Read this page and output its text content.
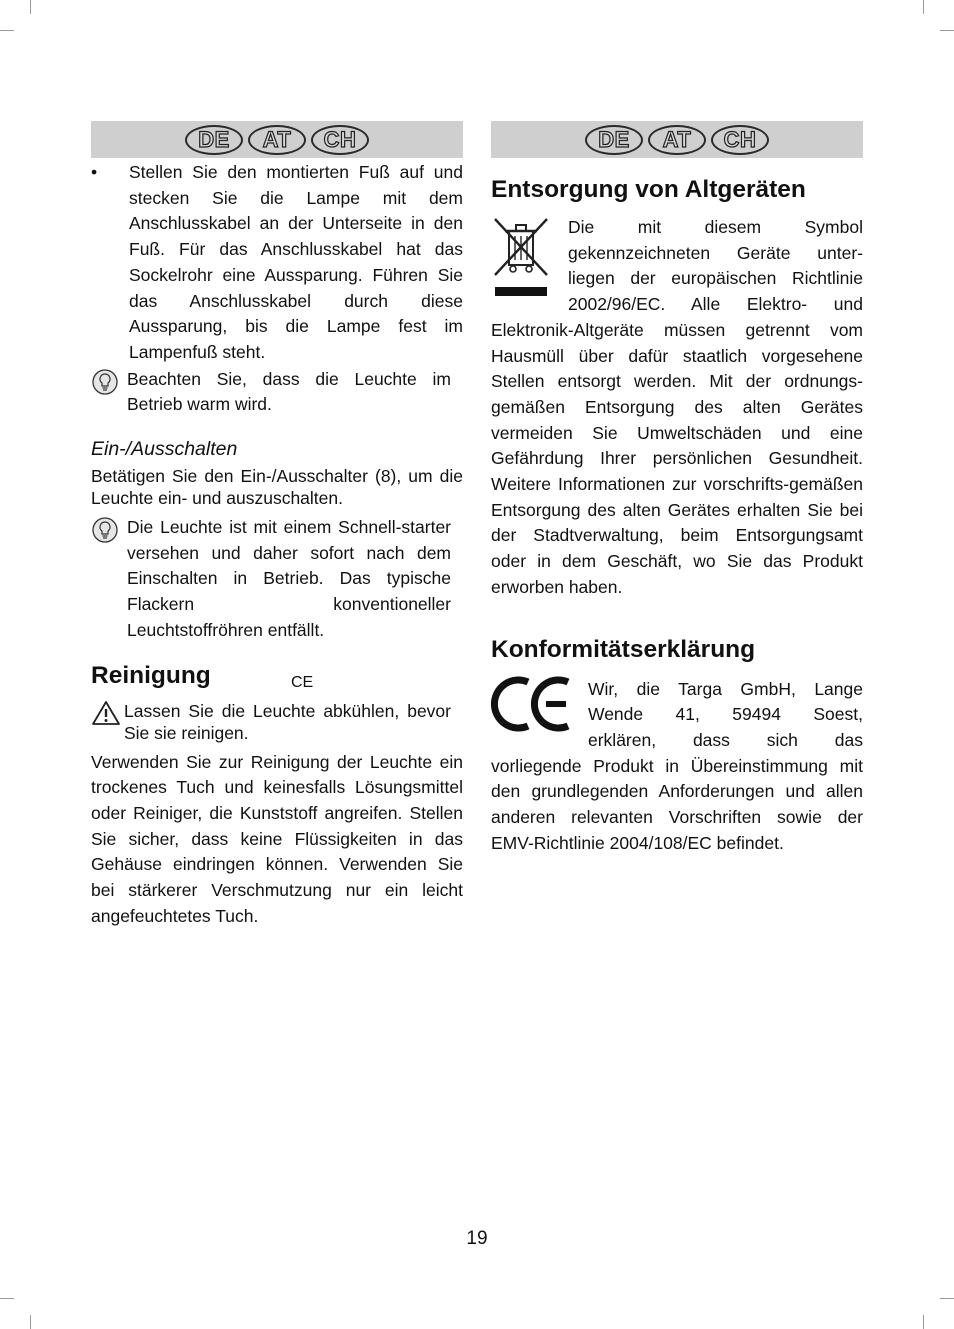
DE	AT	CH
• Stellen Sie den montierten Fuß auf und stecken Sie die Lampe mit dem Anschlusskabel an der Unterseite in den Fuß. Für das Anschlusskabel hat das Sockelrohr eine Aussparung. Führen Sie das Anschlusskabel durch diese Aussparung, bis die Lampe fest im Lampenfuß steht.

Beachten Sie, dass die Leuchte im Betrieb warm wird.

Ein-/Ausschalten

Betätigen Sie den Ein-/Ausschalter (8), um die Leuchte ein- und auszuschalten.

Die Leuchte ist mit einem Schnell-starter versehen und daher sofort nach dem Einschalten in Betrieb. Das typische Flackern konventioneller Leuchtstoffröhren entfällt.

Reinigung

Lassen Sie die Leuchte abkühlen, bevor Sie sie reinigen.

Verwenden Sie zur Reinigung der Leuchte ein trockenes Tuch und keinesfalls Lösungsmittel oder Reiniger, die Kunststoff angreifen. Stellen Sie sicher, dass keine Flüssigkeiten in das Gehäuse eindringen können. Verwenden Sie bei stärkerer Verschmutzung nur ein leicht angefeuchtetes Tuch.

DE	AT	CH
Entsorgung von Altgeräten

Die mit diesem Symbol

gekennzeichneten Geräte unter-

liegen der europäischen Richtlinie

2002/96/EC. Alle Elektro- und

Elektronik-Altgeräte müssen getrennt vom Hausmüll über dafür staatlich vorgesehene Stellen entsorgt werden. Mit der ordnungs-gemäßen Entsorgung des alten Gerätes vermeiden Sie Umweltschäden und eine Gefährdung Ihrer persönlichen Gesundheit. Weitere Informationen zur vorschrifts-gemäßen Entsorgung des alten Gerätes erhalten Sie bei der Stadtverwaltung, beim Entsorgungsamt oder in dem Geschäft, wo Sie das Produkt erworben haben.

Konformitätserklärung
CE	Wir, die Targa GmbH, Lange

Wende 41, 59494 Soest,

erklären, dass sich das

vorliegende Produkt in Übereinstimmung mit den grundlegenden Anforderungen und allen anderen relevanten Vorschriften sowie der EMV-Richtlinie 2004/108/EC befindet.

19
